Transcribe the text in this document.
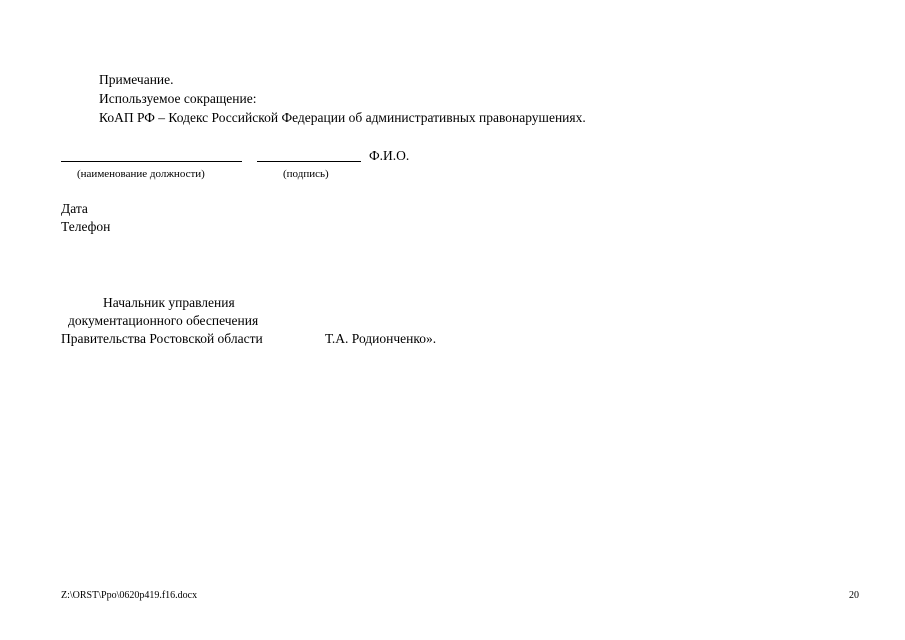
Примечание.
Используемое сокращение:
КоАП РФ – Кодекс Российской Федерации об административных правонарушениях.
Ф.И.О.
(наименование должности)	(подпись)
Дата
Телефон
Начальник управления
документационного обеспечения
Правительства Ростовской области	Т.А. Родионченко».
Z:\ORST\Ppo\0620p419.f16.docx	20
